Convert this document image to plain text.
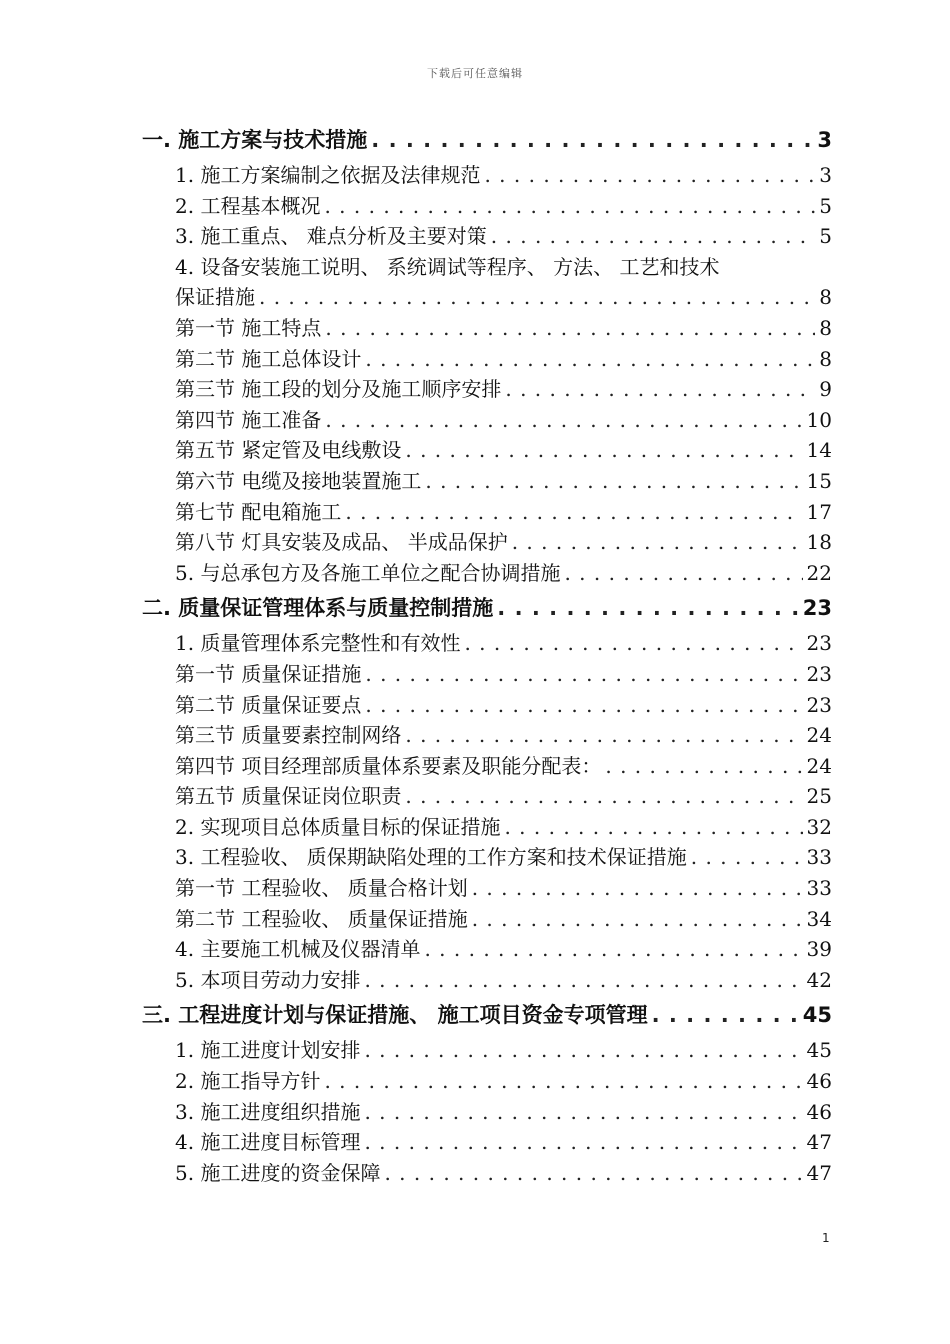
下载后可任意编辑
一. 施工方案与技术措施 . . .	3
1. 施工方案编制之依据及法律规范 . . .	3
2. 工程基本概况 . . .	5
3. 施工重点、 难点分析及主要对策 . . .	5
4. 设备安装施工说明、 系统调试等程序、 方法、 工艺和技术
保证措施 . . .	8
第一节 施工特点 . . .	8
第二节 施工总体设计 . . .	8
第三节 施工段的划分及施工顺序安排 . . .	9
第四节 施工准备 . . .	10
第五节 紧定管及电线敷设 . . .	14
第六节 电缆及接地装置施工 . . .	15
第七节 配电箱施工 . . .	17
第八节 灯具安装及成品、 半成品保护 . . .	18
5. 与总承包方及各施工单位之配合协调措施 . . .	22
二. 质量保证管理体系与质量控制措施 . . .	23
1. 质量管理体系完整性和有效性 . . .	23
第一节 质量保证措施 . . .	23
第二节 质量保证要点 . . .	23
第三节 质量要素控制网络 . . .	24
第四节 项目经理部质量体系要素及职能分配表： . . .	24
第五节 质量保证岗位职责 . . .	25
2. 实现项目总体质量目标的保证措施 . . .	32
3. 工程验收、 质保期缺陷处理的工作方案和技术保证措施 . . .	33
第一节 工程验收、 质量合格计划 . . .	33
第二节 工程验收、 质量保证措施 . . .	34
4. 主要施工机械及仪器清单 . . .	39
5. 本项目劳动力安排 . . .	42
三. 工程进度计划与保证措施、 施工项目资金专项管理 . . .	45
1. 施工进度计划安排 . . .	45
2. 施工指导方针 . . .	46
3. 施工进度组织措施 . . .	46
4. 施工进度目标管理 . . .	47
5. 施工进度的资金保障 . . .	47
1
